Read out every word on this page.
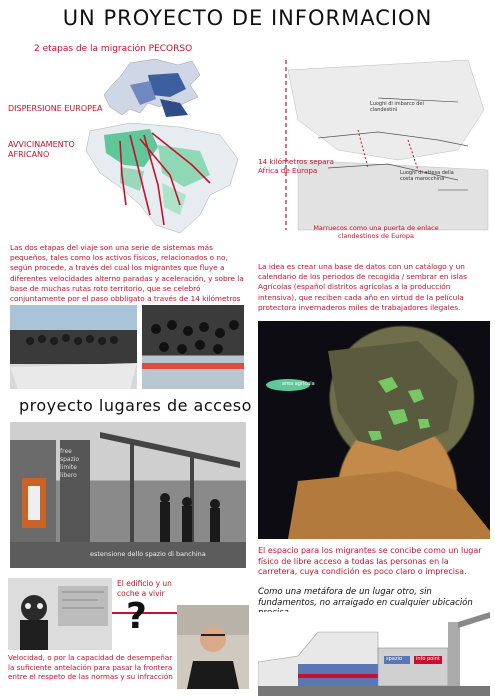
UN PROYECTO DE INFORMACION
2 etapas de la migración PECORSO
DISPERSIONE EUROPEA
AVVICINAMENTO AFRICANO
Luoghi di imbarco dei clandestini
Luoghi di attesa della costa marocchina
14 kilómetros separa África de Europa
Marruecos como una puerta de enlace clandestinos de Europa
Las dos etapas del viaje son una serie de sistemas más pequeños, tales como los activos físicos, relacionados o no, según procede, a través del cual los migrantes que fluye a diferentes velocidades alterno paradas y aceleración, y sobre la base de muchas rutas roto territorio, que se celebró conjuntamente por el paso obbligato a través de 14 kilómetros
La idea es crear una base de datos con un catálogo y un calendario de los periodos de recogida / sembrar en islas Agrícolas (español distritos agrícolas a la producción intensiva), que reciben cada año en virtud de la película protectora invernaderos miles de trabajadores ilegales.
area agricola
proyecto lugares de acceso
free spazio limite libero
estensione dello spazio di banchina	El espacio para los migrantes se concibe como un lugar físico de libre acceso a todas las personas en la carretera, cuya condición es poco claro o imprecisa.
Como una metáfora de un lugar otro, sin fundamentos, no arraigado en cualquier ubicación
El edificio y un coche a vivir
?
Velocidad, o por la capacidad de desempeñar la suficiente antelación para pasar la frontera entre el respeto de las normas y su infracción
spazio	info point
